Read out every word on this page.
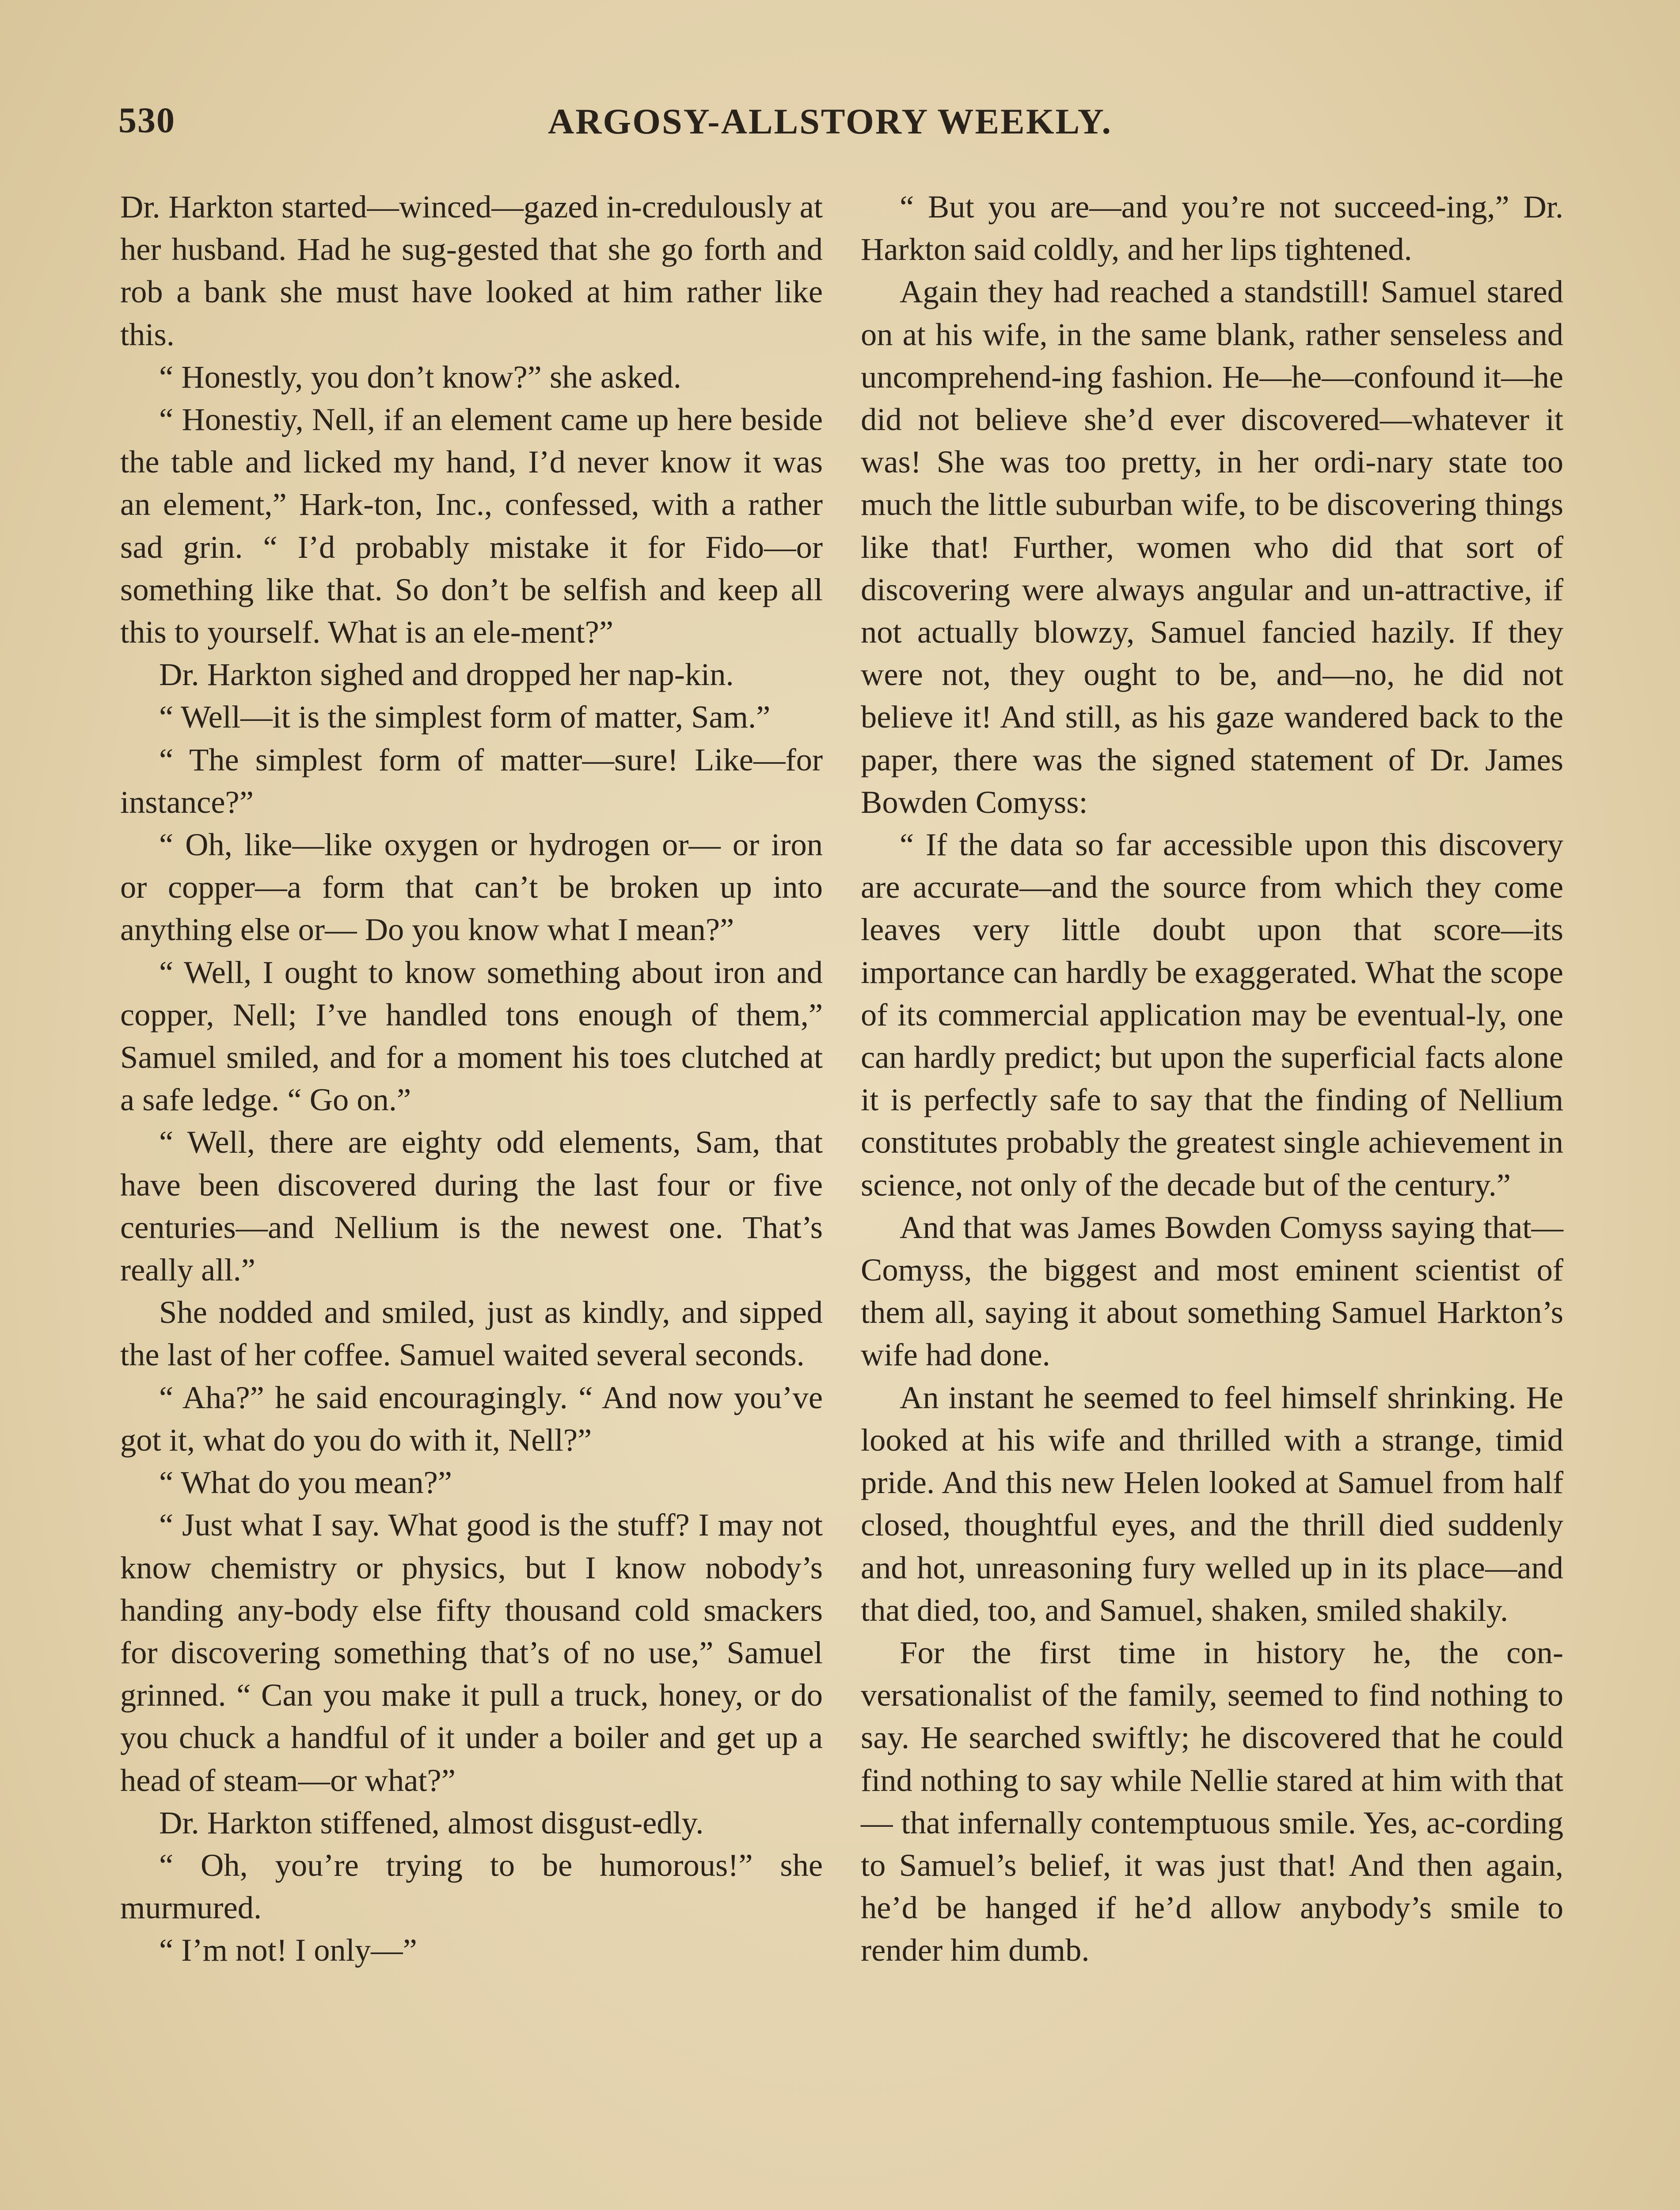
530	ARGOSY-ALLSTORY WEEKLY.

Dr. Harkton started—winced—gazed in-credulously at her husband. Had he sug-gested that she go forth and rob a bank she must have looked at him rather like this.

“ Honestly, you don’t know?” she asked.

“ Honestiy, Nell, if an element came up here beside the table and licked my hand, I’d never know it was an element,” Hark-ton, Inc., confessed, with a rather sad grin. “ I’d probably mistake it for Fido—or something like that. So don’t be selfish and keep all this to yourself. What is an ele-ment?”

Dr. Harkton sighed and dropped her nap-kin.

“ Well—it is the simplest form of matter, Sam.”

“ The simplest form of matter—sure! Like—for instance?”

“ Oh, like—like oxygen or hydrogen or— or iron or copper—a form that can’t be broken up into anything else or— Do you know what I mean?”

“ Well, I ought to know something about iron and copper, Nell; I’ve handled tons enough of them,” Samuel smiled, and for a moment his toes clutched at a safe ledge. “ Go on.”

“ Well, there are eighty odd elements, Sam, that have been discovered during the last four or five centuries—and Nellium is the newest one. That’s really all.”

She nodded and smiled, just as kindly, and sipped the last of her coffee. Samuel waited several seconds.

“ Aha?” he said encouragingly. “ And now you’ve got it, what do you do with it, Nell?”

“ What do you mean?”

“ Just what I say. What good is the stuff? I may not know chemistry or physics, but I know nobody’s handing any-body else fifty thousand cold smackers for discovering something that’s of no use,” Samuel grinned. “ Can you make it pull a truck, honey, or do you chuck a handful of it under a boiler and get up a head of steam—or what?”

Dr. Harkton stiffened, almost disgust-edly.

“ Oh, you’re trying to be humorous!” she murmured.

“ I’m not! I only—”

“ But you are—and you’re not succeed-ing,” Dr. Harkton said coldly, and her lips tightened.

Again they had reached a standstill! Samuel stared on at his wife, in the same blank, rather senseless and uncomprehend-ing fashion. He—he—confound it—he did not believe she’d ever discovered—whatever it was! She was too pretty, in her ordi-nary state too much the little suburban wife, to be discovering things like that! Further, women who did that sort of discovering were always angular and un-attractive, if not actually blowzy, Samuel fancied hazily. If they were not, they ought to be, and—no, he did not believe it! And still, as his gaze wandered back to the paper, there was the signed statement of Dr. James Bowden Comyss:

“ If the data so far accessible upon this discovery are accurate—and the source from which they come leaves very little doubt upon that score—its importance can hardly be exaggerated. What the scope of its commercial application may be eventual-ly, one can hardly predict; but upon the superficial facts alone it is perfectly safe to say that the finding of Nellium constitutes probably the greatest single achievement in science, not only of the decade but of the century.”

And that was James Bowden Comyss saying that—Comyss, the biggest and most eminent scientist of them all, saying it about something Samuel Harkton’s wife had done.

An instant he seemed to feel himself shrinking. He looked at his wife and thrilled with a strange, timid pride. And this new Helen looked at Samuel from half closed, thoughtful eyes, and the thrill died suddenly and hot, unreasoning fury welled up in its place—and that died, too, and Samuel, shaken, smiled shakily.

For the first time in history he, the con-versationalist of the family, seemed to find nothing to say. He searched swiftly; he discovered that he could find nothing to say while Nellie stared at him with that— that infernally contemptuous smile. Yes, ac-cording to Samuel’s belief, it was just that! And then again, he’d be hanged if he’d allow anybody’s smile to render him dumb.
